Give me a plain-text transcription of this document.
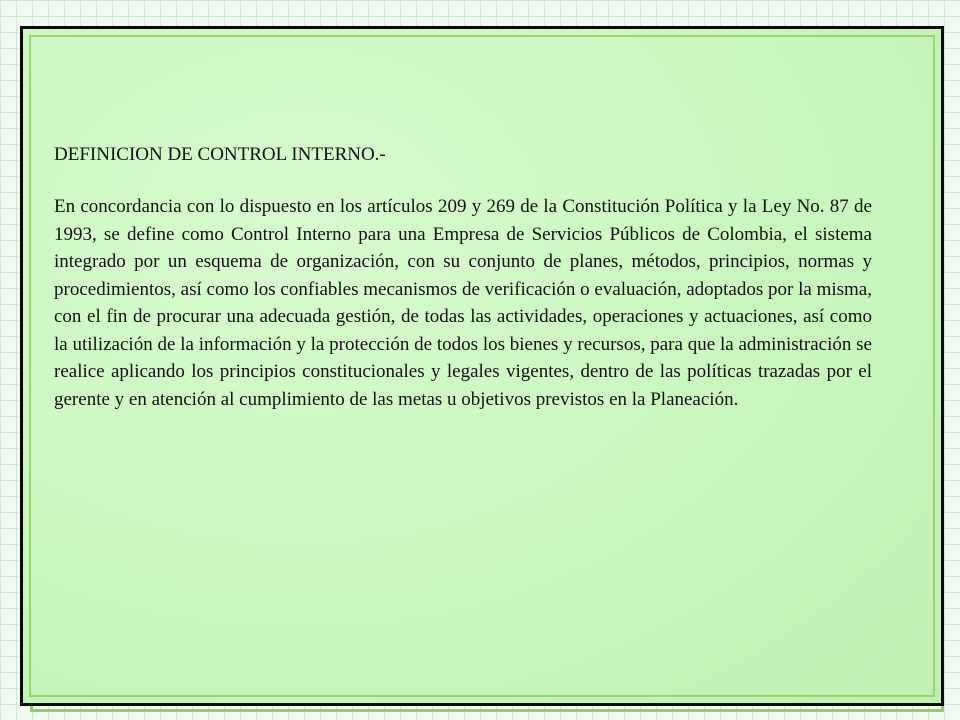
DEFINICION DE CONTROL INTERNO.-

En concordancia con lo dispuesto en los artículos 209 y 269 de la Constitución Política y la Ley No. 87 de 1993, se define como Control Interno para una Empresa de Servicios Públicos de Colombia, el sistema integrado por un esquema de organización, con su conjunto de planes, métodos, principios, normas y procedimientos, así como los confiables mecanismos de verificación o evaluación, adoptados por la misma, con el fin de procurar una adecuada gestión, de todas las actividades, operaciones y actuaciones, así como la utilización de la información y la protección de todos los bienes y recursos, para que la administración se realice aplicando los principios constitucionales y legales vigentes, dentro de las políticas trazadas por el gerente y en atención al cumplimiento de las metas u objetivos previstos en la Planeación.
